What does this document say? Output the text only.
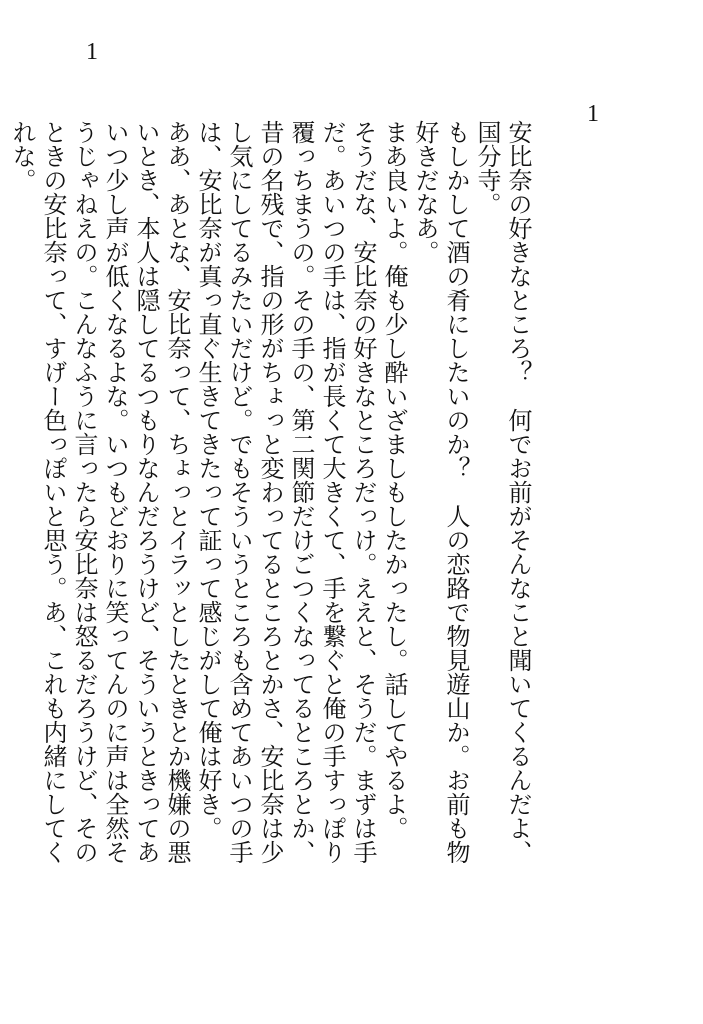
1
1

安比奈の好きなところ？　何でお前がそんなこと聞いてくるんだよ、国分寺。

もしかして酒の肴にしたいのか？　人の恋路で物見遊山か。お前も物好きだなあ。

まあ良いよ。俺も少し酔いざましもしたかったし。話してやるよ。

そうだな、安比奈の好きなところだっけ。ええと、そうだ。まずは手だ。あいつの手は、指が長くて大きくて、手を繋ぐと俺の手すっぽり覆っちまうの。その手の、第二関節だけごつくなってるところとか、昔の名残で、指の形がちょっと変わってるところとかさ、安比奈は少し気にしてるみたいだけど。でもそういうところも含めてあいつの手は、安比奈が真っ直ぐ生きてきたって証って感じがして俺は好き。

ああ、あとな、安比奈って、ちょっとイラッとしたときとか機嫌の悪いとき、本人は隠してるつもりなんだろうけど、そういうときってあいつ少し声が低くなるよな。いつもどおりに笑ってんのに声は全然そうじゃねえの。こんなふうに言ったら安比奈は怒るだろうけど、そのときの安比奈って、すげー色っぽいと思う。あ、これも内緒にしてくれな。
